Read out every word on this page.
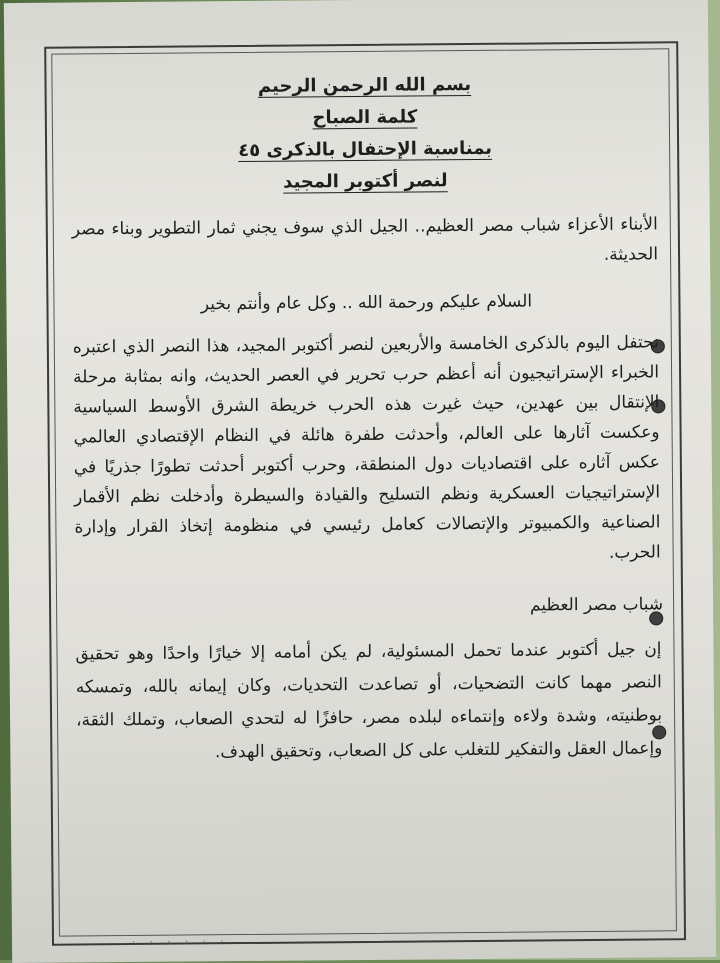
بسم الله الرحمن الرحيم
كلمة الصباح
بمناسبة الإحتفال بالذكرى ٤٥
لنصر أكتوبر المجيد

الأبناء الأعزاء شباب مصر العظيم.. الجيل الذي سوف يجني ثمار التطوير وبناء مصر الحديثة.

السلام عليكم ورحمة الله .. وكل عام وأنتم بخير

نحتفل اليوم بالذكرى الخامسة والأربعين لنصر أكتوبر المجيد، هذا النصر الذي اعتبره الخبراء الإستراتيجيون أنه أعظم حرب تحرير في العصر الحديث، وانه بمثابة مرحلة الإنتقال بين عهدين، حيث غيرت هذه الحرب خريطة الشرق الأوسط السياسية وعكست آثارها على العالم، وأحدثت طفرة هائلة في النظام الإقتصادي العالمي عكس آثاره على اقتصاديات دول المنطقة، وحرب أكتوبر أحدثت تطورًا جذريًا في الإستراتيجيات العسكرية ونظم التسليح والقيادة والسيطرة وأدخلت نظم الأقمار الصناعية والكمبيوتر والإتصالات كعامل رئيسي في منظومة إتخاذ القرار وإدارة الحرب.

شباب مصر العظيم

إن جيل أكتوبر عندما تحمل المسئولية، لم يكن أمامه إلا خيارًا واحدًا وهو تحقيق النصر مهما كانت التضحيات، أو تصاعدت التحديات، وكان إيمانه بالله، وتمسكه بوطنيته، وشدة ولاءه وإنتماءه لبلده مصر، حافزًا له لتحدي الصعاب، وتملك الثقة، وإعمال العقل والتفكير للتغلب على كل الصعاب، وتحقيق الهدف.

· · · · · ·
